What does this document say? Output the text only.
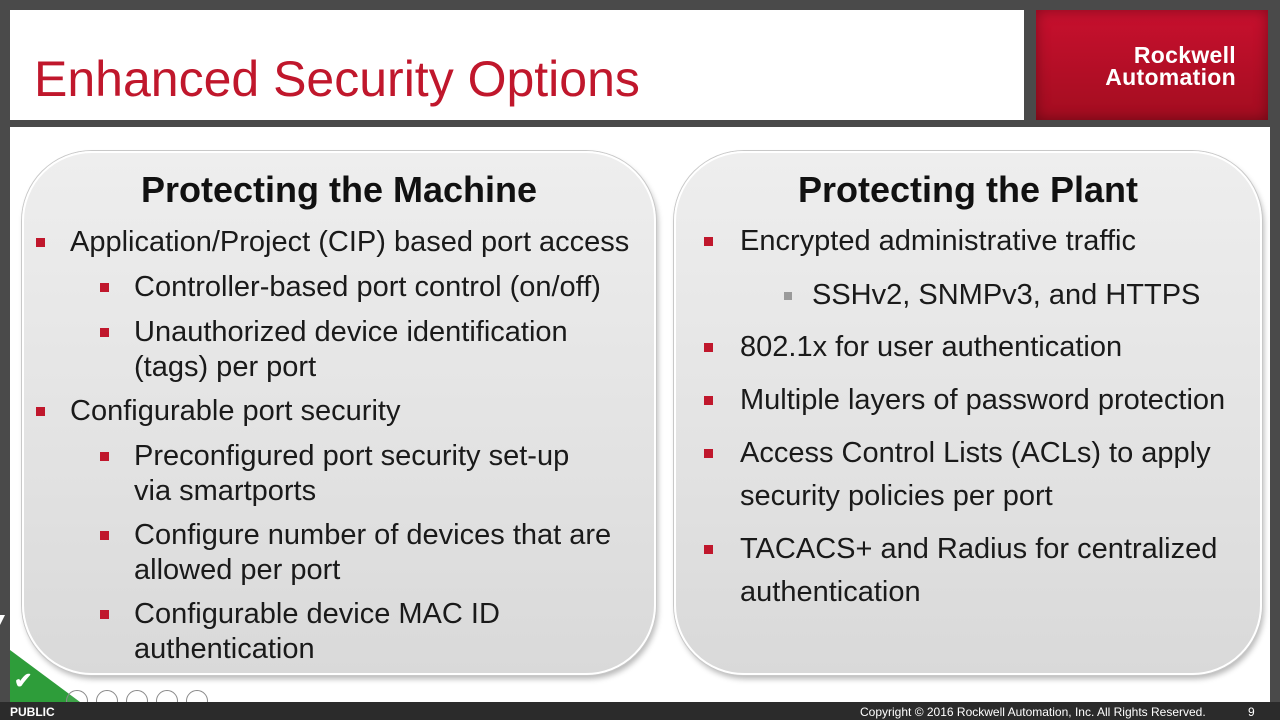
Enhanced Security Options	Rockwell
Automation
Protecting the Machine
Application/Project (CIP) based port access
Controller-based port control (on/off)
Unauthorized device identification
(tags) per port
Configurable port security
Preconfigured port security set-up
via smartports
Configure number of devices that are
allowed per port
Configurable device MAC ID
authentication
Protecting the Plant
Encrypted administrative traffic
SSHv2, SNMPv3, and HTTPS
802.1x for user authentication
Multiple layers of password protection
Access Control Lists (ACLs) to apply
security policies per port
TACACS+ and Radius for centralized
authentication
✔
PUBLIC	Copyright © 2016 Rockwell Automation, Inc. All Rights Reserved.	9
